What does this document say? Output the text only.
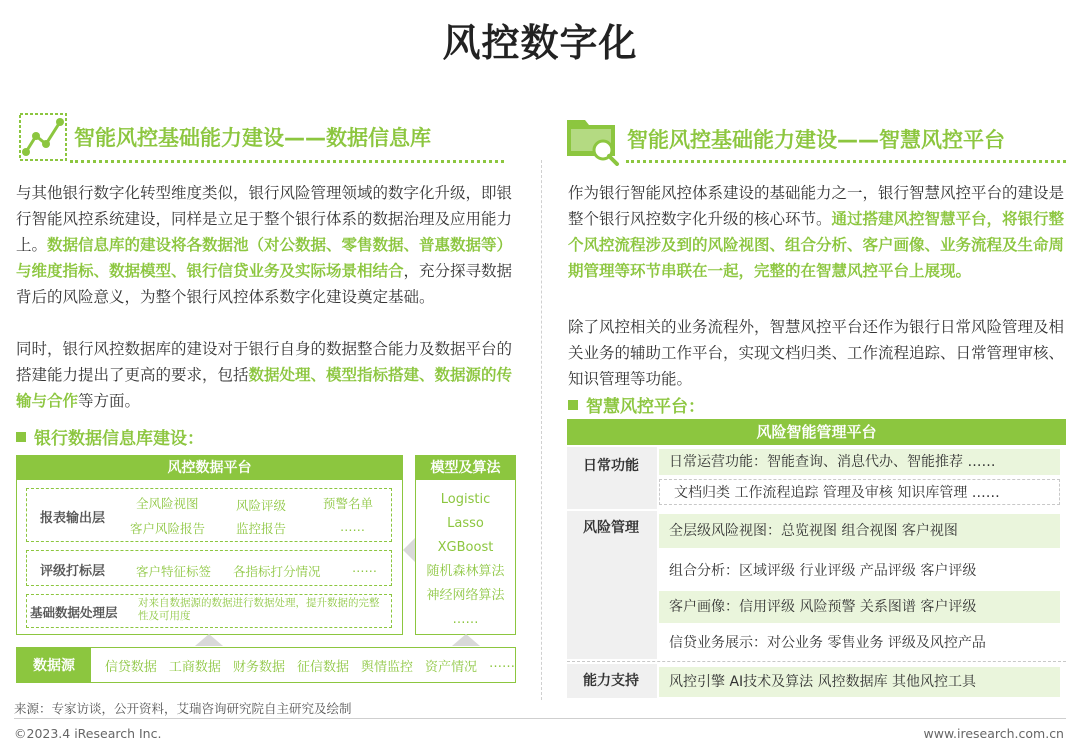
风控数字化
智能风控基础能力建设——数据信息库	智能风控基础能力建设——智慧风控平台
与其他银行数字化转型维度类似，银行风险管理领域的数字化升级，即银行智能风控系统建设，同样是立足于整个银行体系的数据治理及应用能力上。数据信息库的建设将各数据池（对公数据、零售数据、普惠数据等）与维度指标、数据模型、银行信贷业务及实际场景相结合，充分探寻数据背后的风险意义，为整个银行风控体系数字化建设奠定基础。
同时，银行风控数据库的建设对于银行自身的数据整合能力及数据平台的搭建能力提出了更高的要求，包括数据处理、模型指标搭建、数据源的传输与合作等方面。
银行数据信息库建设：
风控数据平台
报表输出层
全风险视图	风险评级	预警名单
客户风险报告 监控报告	……
评级打标层 客户特征标签 各指标打分情况	……
基础数据处理层
对来自数据源的数据进行数据处理，提升数据的完整性及可用度
模型及算法
Logistic
Lasso
XGBoost
随机森林算法
神经网络算法
……
数据源	信贷数据 工商数据 财务数据 征信数据 舆情监控 资产情况 ……
作为银行智能风控体系建设的基础能力之一，银行智慧风控平台的建设是整个银行风控数字化升级的核心环节。通过搭建风控智慧平台，将银行整个风控流程涉及到的风险视图、组合分析、客户画像、业务流程及生命周期管理等环节串联在一起，完整的在智慧风控平台上展现。
除了风控相关的业务流程外，智慧风控平台还作为银行日常风险管理及相关业务的辅助工作平台，实现文档归类、工作流程追踪、日常管理审核、知识管理等功能。
智慧风控平台：
风险智能管理平台
日常功能	日常运营功能：智能查询、消息代办、智能推荐 ……
文档归类 工作流程追踪 管理及审核 知识库管理 ……
风险管理	全层级风险视图：总览视图 组合视图 客户视图
组合分析：区域评级 行业评级 产品评级 客户评级
客户画像：信用评级 风险预警 关系图谱 客户评级
信贷业务展示：对公业务 零售业务 评级及风控产品
能力支持	风控引擎 AI技术及算法 风控数据库 其他风控工具
来源：专家访谈，公开资料，艾瑞咨询研究院自主研究及绘制
©2023.4 iResearch Inc.	www.iresearch.com.cn
